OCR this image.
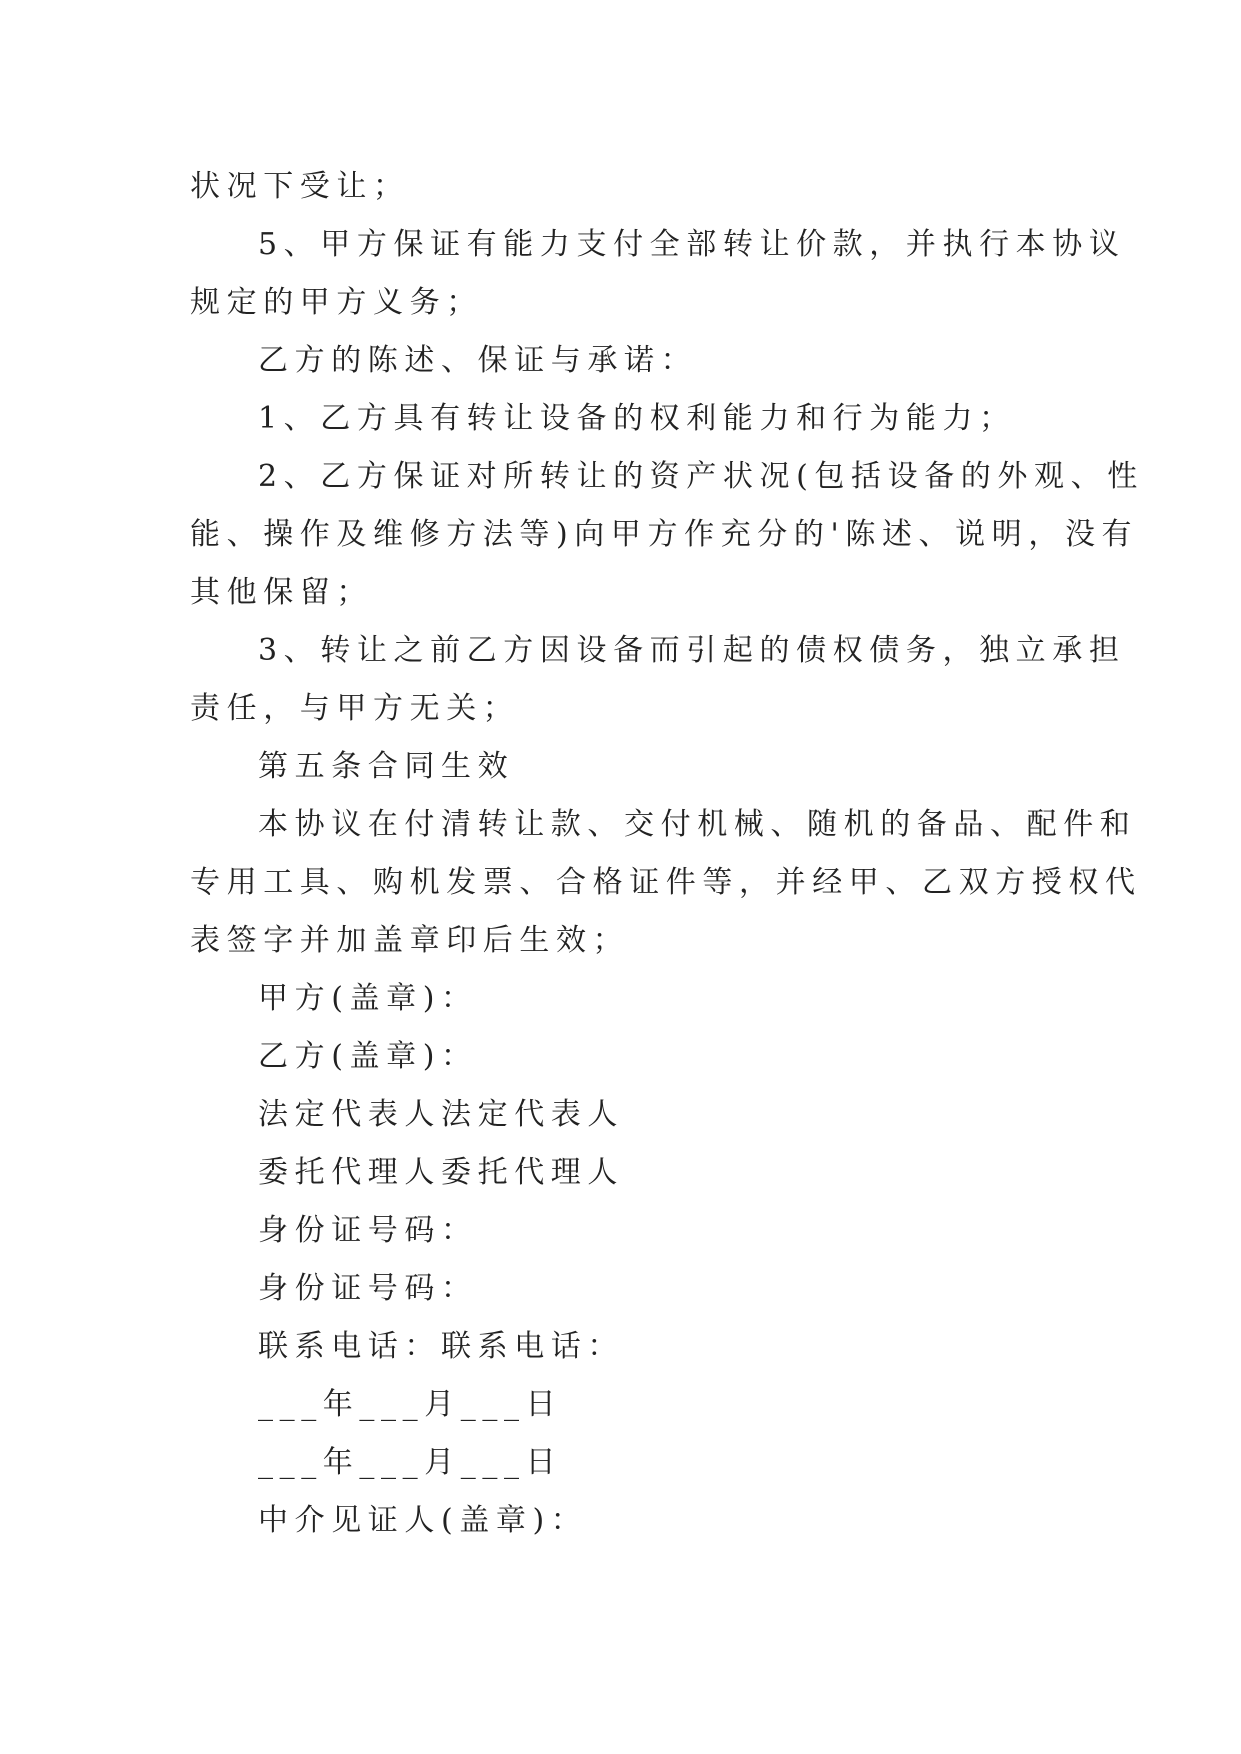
状况下受让；
5、甲方保证有能力支付全部转让价款，并执行本协议
规定的甲方义务；
乙方的陈述、保证与承诺：
1、乙方具有转让设备的权利能力和行为能力；
2、乙方保证对所转让的资产状况(包括设备的外观、性
能、操作及维修方法等)向甲方作充分的'陈述、说明，没有
其他保留；
3、转让之前乙方因设备而引起的债权债务，独立承担
责任，与甲方无关；
第五条合同生效
本协议在付清转让款、交付机械、随机的备品、配件和
专用工具、购机发票、合格证件等，并经甲、乙双方授权代
表签字并加盖章印后生效；
甲方(盖章)：
乙方(盖章)：
法定代表人法定代表人
委托代理人委托代理人
身份证号码：
身份证号码：
联系电话：联系电话：
___年___月___日
___年___月___日
中介见证人(盖章)：
